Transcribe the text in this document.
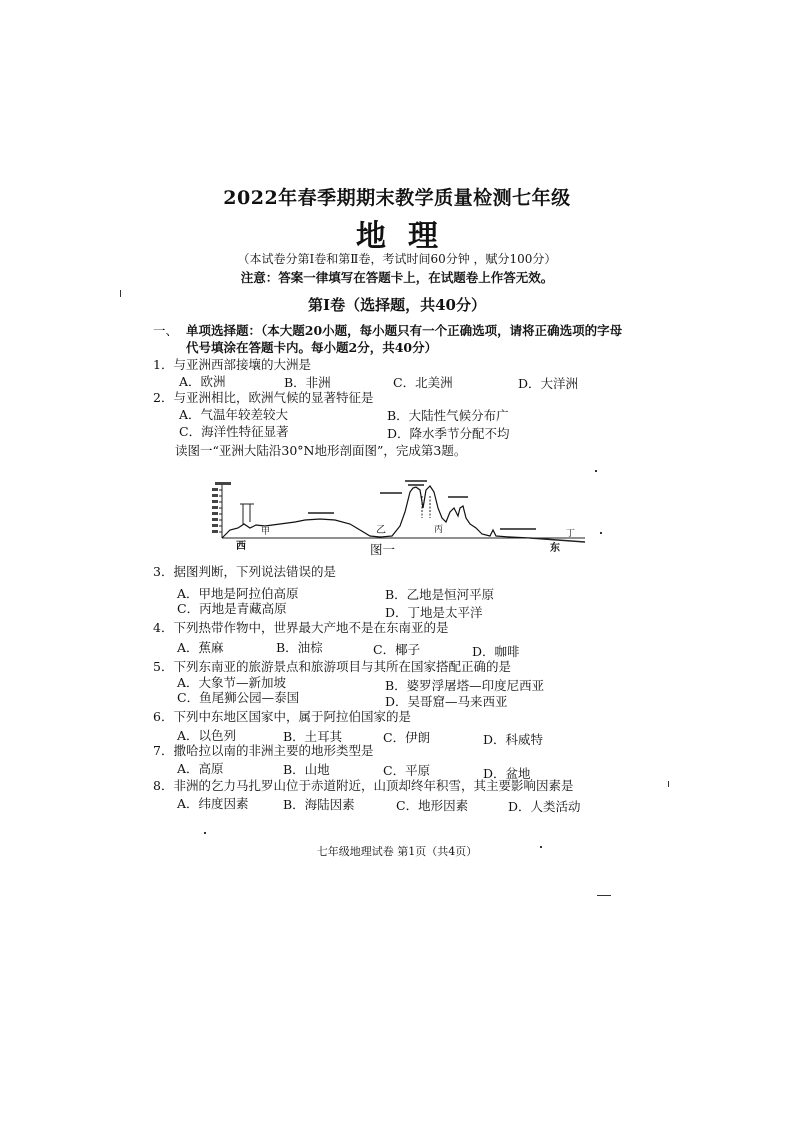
2022年春季期期末教学质量检测七年级
地理
（本试卷分第Ⅰ卷和第Ⅱ卷，考试时间60分钟 ，赋分100分）
注意：答案一律填写在答题卡上，在试题卷上作答无效。
第Ⅰ卷（选择题，共40分）
一、 单项选择题：（本大题20小题，每小题只有一个正确选项，请将正确选项的字母
代号填涂在答题卡内。每小题2分，共40分）
1．与亚洲西部接壤的大洲是
A．欧洲	B．非洲	C．北美洲	D．大洋洲
2．与亚洲相比，欧洲气候的显著特征是
A．气温年较差较大	B．大陆性气候分布广
C．海洋性特征显著	D．降水季节分配不均
读图一“亚洲大陆沿30°N地形剖面图”，完成第3题。
甲	乙	丙	丁
西	东
图一
3．据图判断，下列说法错误的是
A．甲地是阿拉伯高原	B．乙地是恒河平原
C．丙地是青藏高原	D．丁地是太平洋
4．下列热带作物中，世界最大产地不是在东南亚的是
A．蕉麻	B．油棕	C．椰子	D．咖啡
5．下列东南亚的旅游景点和旅游项目与其所在国家搭配正确的是
A．大象节—新加坡	B．婆罗浮屠塔—印度尼西亚
C．鱼尾狮公园—泰国	D．吴哥窟—马来西亚
6．下列中东地区国家中，属于阿拉伯国家的是
A．以色列	B．土耳其	C．伊朗	D．科威特
7．撒哈拉以南的非洲主要的地形类型是
A．高原	B．山地	C．平原	D．盆地
8．非洲的乞力马扎罗山位于赤道附近，山顶却终年积雪，其主要影响因素是
A．纬度因素	B．海陆因素	C．地形因素	D．人类活动
七年级地理试卷 第1页（共4页）
